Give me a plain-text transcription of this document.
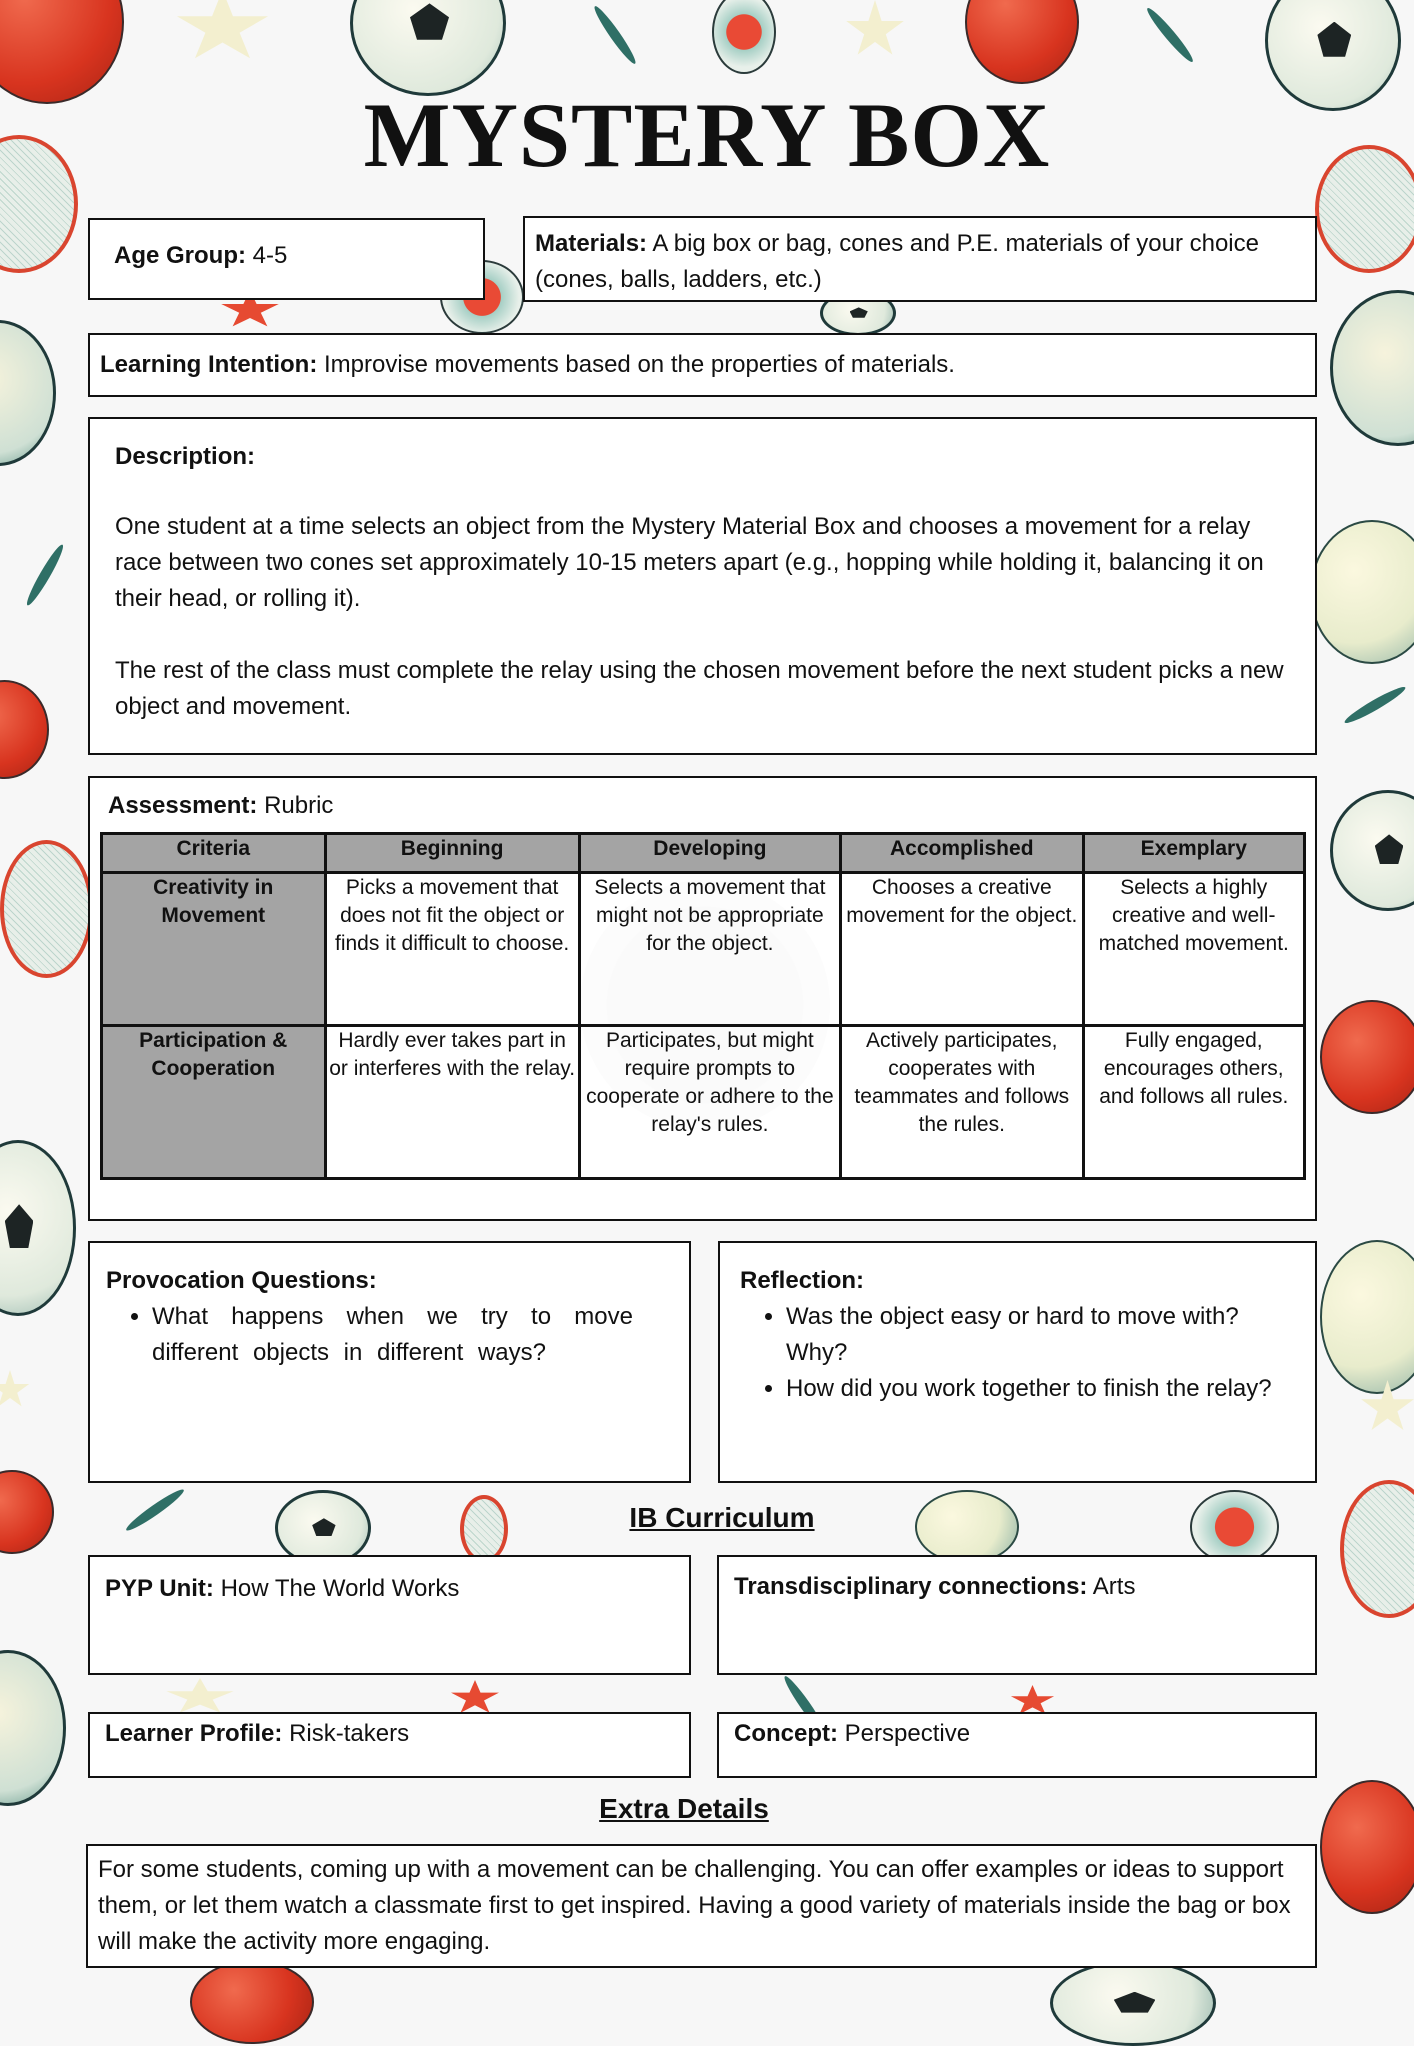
MYSTERY BOX
Age Group: 4-5	Materials: A big box or bag, cones and P.E. materials of your choice (cones, balls, ladders, etc.)
Learning Intention: Improvise movements based on the properties of materials.
Description:

One student at a time selects an object from the Mystery Material Box and chooses a movement for a relay race between two cones set approximately 10-15 meters apart (e.g., hopping while holding it, balancing it on their head, or rolling it).

The rest of the class must complete the relay using the chosen movement before the next student picks a new object and movement.

Assessment: Rubric
Criteria	Beginning	Developing	Accomplished	Exemplary
Creativity in Movement	Picks a movement that does not fit the object or finds it difficult to choose.	Selects a movement that might not be appropriate for the object.	Chooses a creative movement for the object.	Selects a highly creative and well-matched movement.
Participation & Cooperation	Hardly ever takes part in or interferes with the relay.	Participates, but might require prompts to cooperate or adhere to the relay's rules.	Actively participates, cooperates with teammates and follows the rules.	Fully engaged, encourages others, and follows all rules.
Provocation Questions:
• What happens when we try to move different objects in different ways?
Reflection:
• Was the object easy or hard to move with? Why?
• How did you work together to finish the relay?
IB Curriculum
PYP Unit: How The World Works	Transdisciplinary connections: Arts
Learner Profile: Risk-takers	Concept: Perspective
Extra Details
For some students, coming up with a movement can be challenging. You can offer examples or ideas to support them, or let them watch a classmate first to get inspired. Having a good variety of materials inside the bag or box will make the activity more engaging.
